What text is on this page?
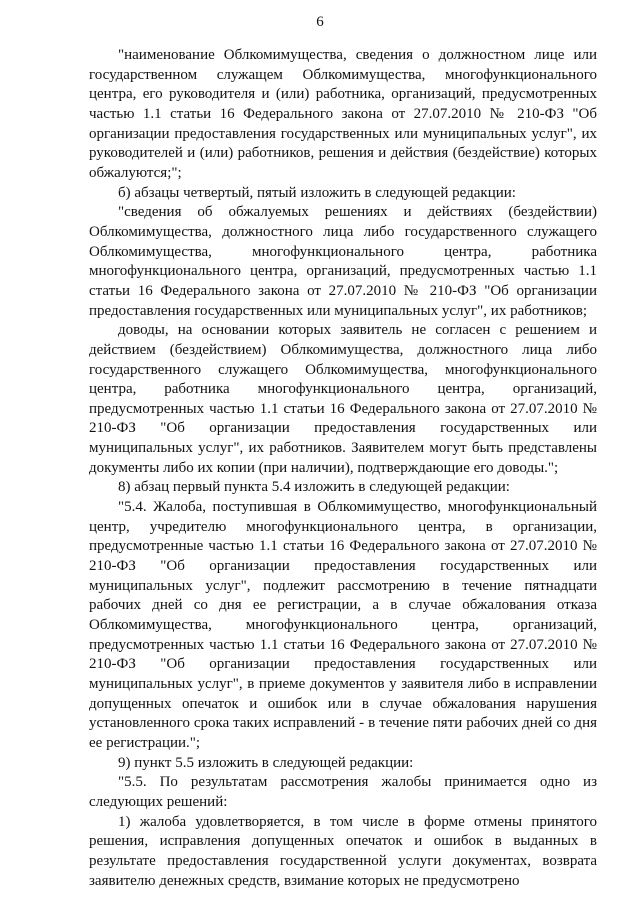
6

"наименование Облкомимущества, сведения о должностном лице или государственном служащем Облкомимущества, многофункционального центра, его руководителя и (или) работника, организаций, предусмотренных частью 1.1 статьи 16 Федерального закона от 27.07.2010 № 210-ФЗ "Об организации предоставления государственных или муниципальных услуг", их руководителей и (или) работников, решения и действия (бездействие) которых обжалуются;";

б) абзацы четвертый, пятый изложить в следующей редакции:

"сведения об обжалуемых решениях и действиях (бездействии) Облкомимущества, должностного лица либо государственного служащего Облкомимущества, многофункционального центра, работника многофункционального центра, организаций, предусмотренных частью 1.1 статьи 16 Федерального закона от 27.07.2010 № 210-ФЗ "Об организации предоставления государственных или муниципальных услуг", их работников;

доводы, на основании которых заявитель не согласен с решением и действием (бездействием) Облкомимущества, должностного лица либо государственного служащего Облкомимущества, многофункционального центра, работника многофункционального центра, организаций, предусмотренных частью 1.1 статьи 16 Федерального закона от 27.07.2010 № 210-ФЗ "Об организации предоставления государственных или муниципальных услуг", их работников. Заявителем могут быть представлены документы либо их копии (при наличии), подтверждающие его доводы.";

8) абзац первый пункта 5.4 изложить в следующей редакции:

"5.4. Жалоба, поступившая в Облкомимущество, многофункциональный центр, учредителю многофункционального центра, в организации, предусмотренные частью 1.1 статьи 16 Федерального закона от 27.07.2010 № 210-ФЗ "Об организации предоставления государственных или муниципальных услуг", подлежит рассмотрению в течение пятнадцати рабочих дней со дня ее регистрации, а в случае обжалования отказа Облкомимущества, многофункционального центра, организаций, предусмотренных частью 1.1 статьи 16 Федерального закона от 27.07.2010 № 210-ФЗ "Об организации предоставления государственных или муниципальных услуг", в приеме документов у заявителя либо в исправлении допущенных опечаток и ошибок или в случае обжалования нарушения установленного срока таких исправлений - в течение пяти рабочих дней со дня ее регистрации.";

9) пункт 5.5 изложить в следующей редакции:

"5.5. По результатам рассмотрения жалобы принимается одно из следующих решений:

1) жалоба удовлетворяется, в том числе в форме отмены принятого решения, исправления допущенных опечаток и ошибок в выданных в результате предоставления государственной услуги документах, возврата заявителю денежных средств, взимание которых не предусмотрено
